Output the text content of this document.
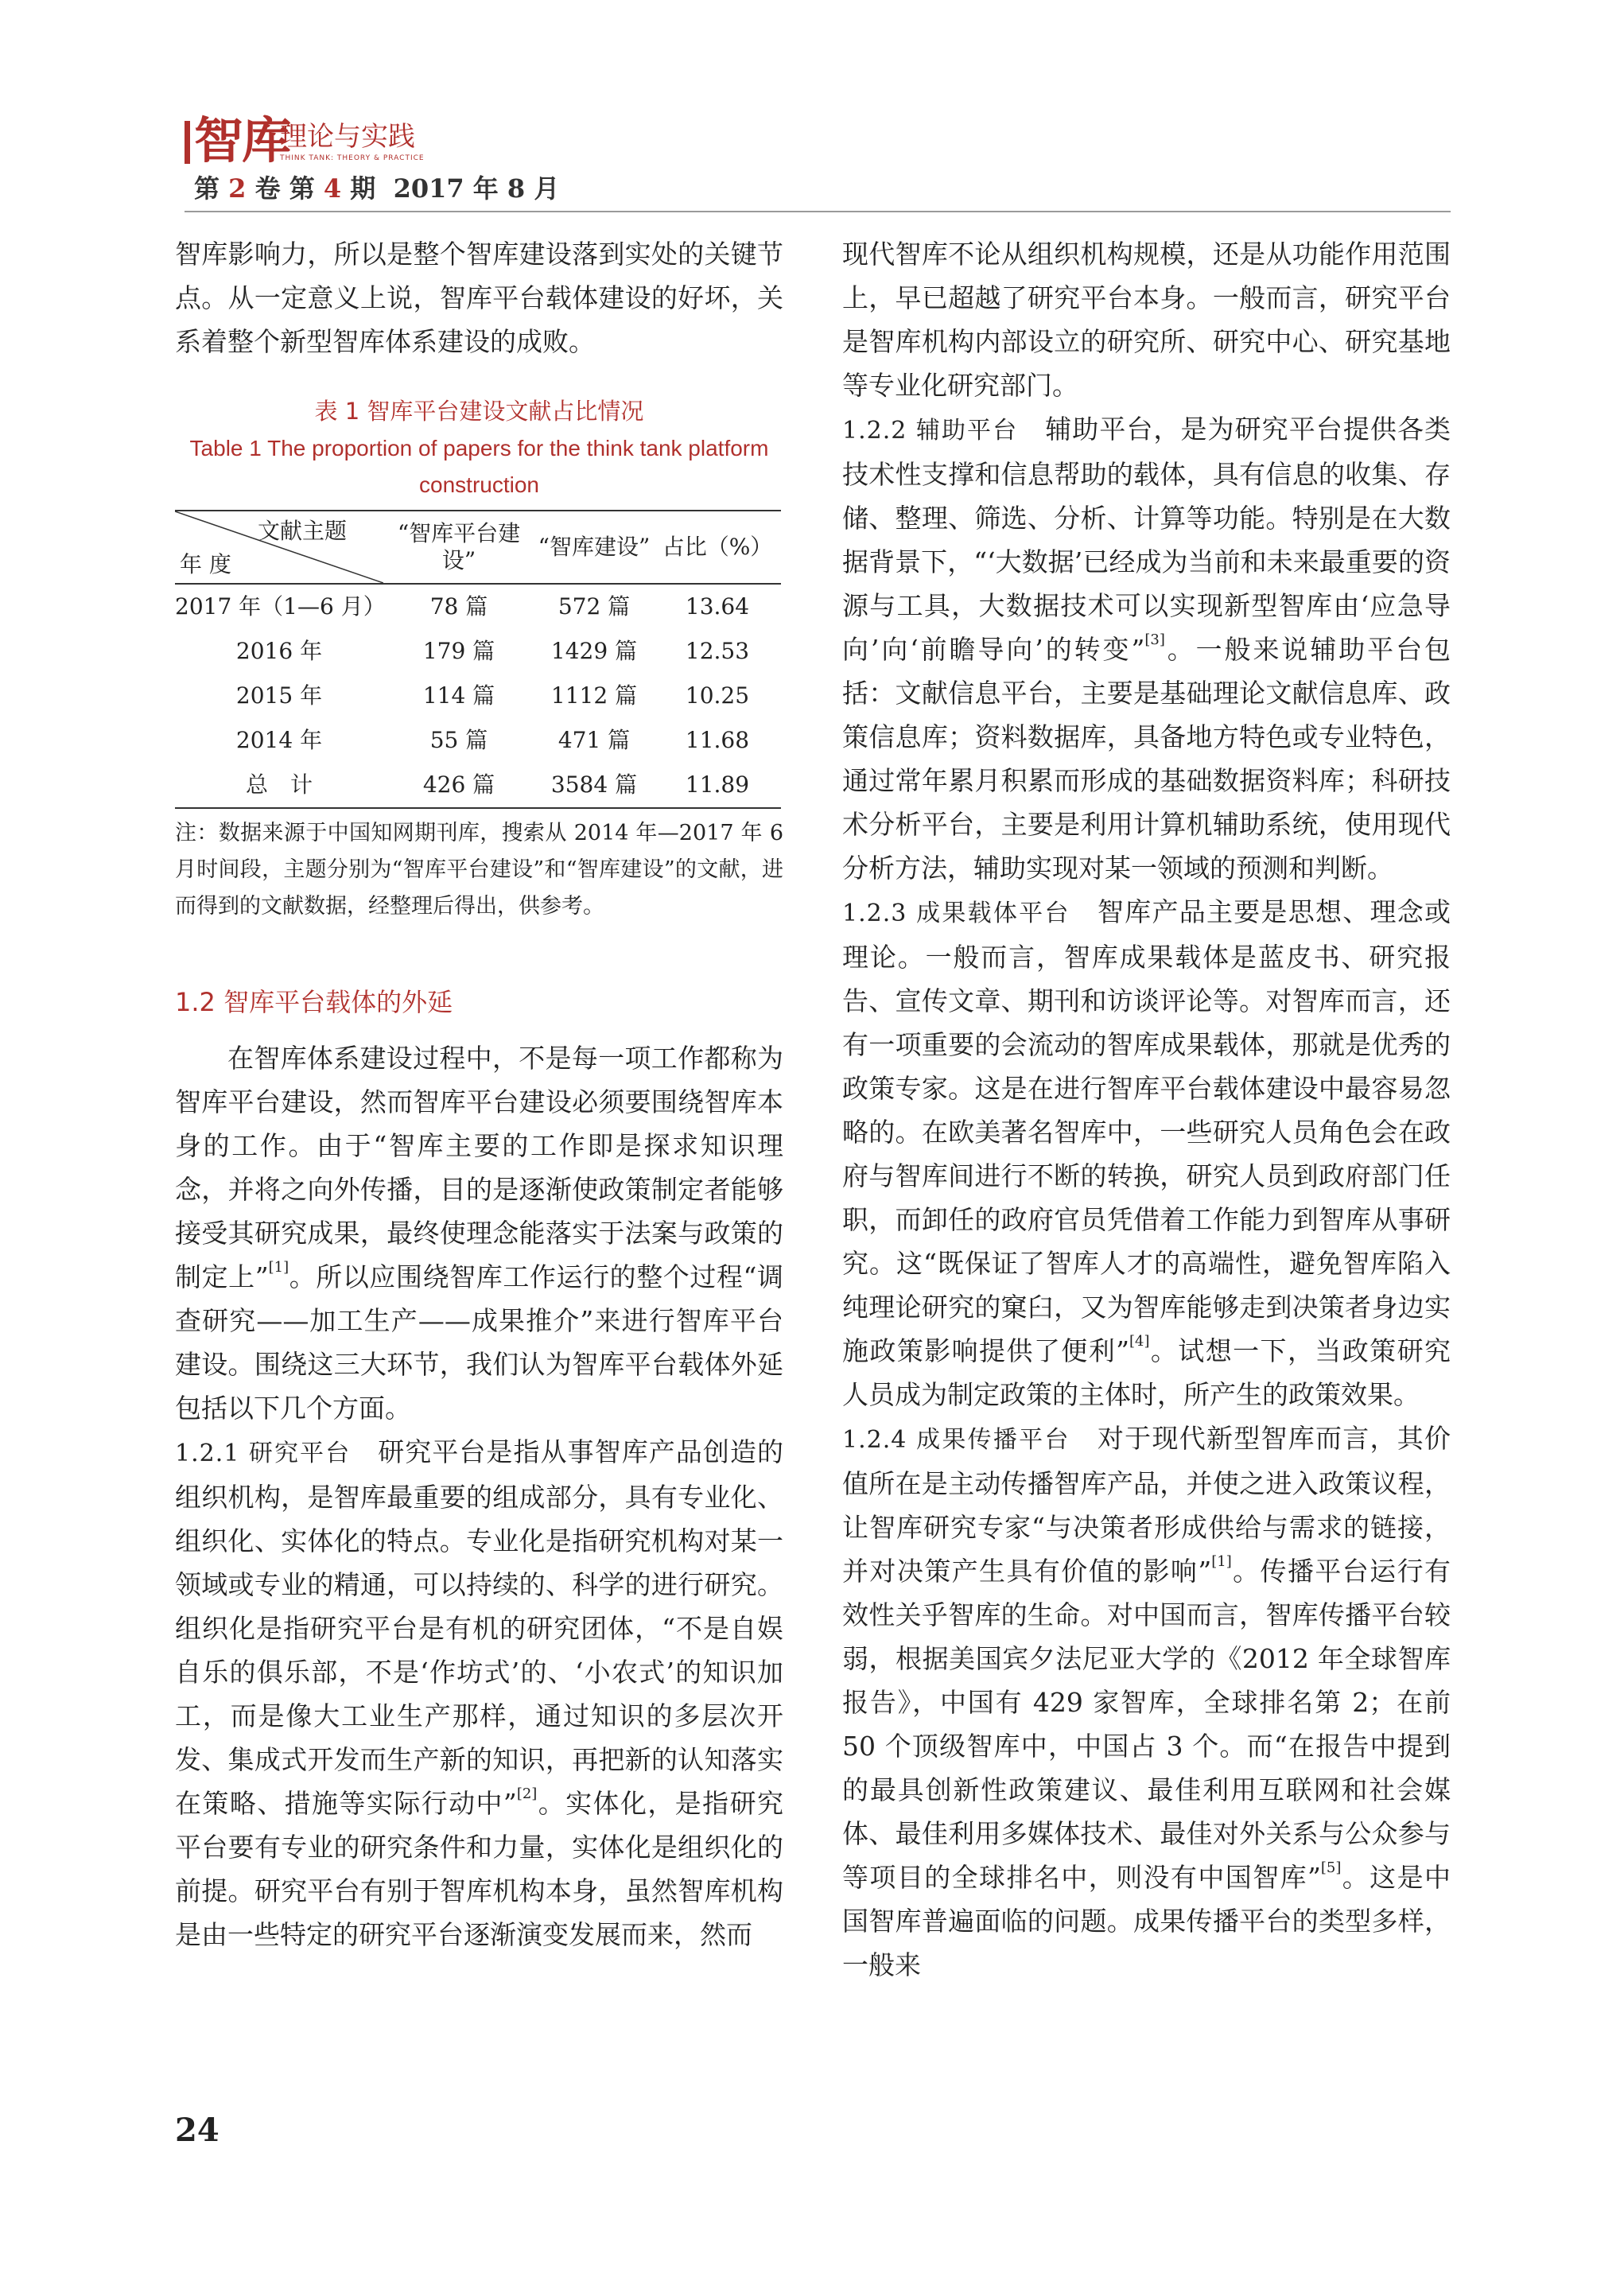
智库
理论与实践
THINK TANK: THEORY & PRACTICE
第 2 卷 第 4 期 2017 年 8 月

智库影响力，所以是整个智库建设落到实处的关键节点。从一定意义上说，智库平台载体建设的好坏，关系着整个新型智库体系建设的成败。

表 1 智库平台建设文献占比情况
Table 1 The proportion of papers for the think tank platform construction
文献主题
年 度	“智库平台建设”	“智库建设”	占比（%）
2017 年（1—6 月）	78 篇	572 篇	13.64
2016 年	179 篇	1429 篇	12.53
2015 年	114 篇	1112 篇	10.25
2014 年	55 篇	471 篇	11.68
总　计	426 篇	3584 篇	11.89
注：数据来源于中国知网期刊库，搜索从 2014 年—2017 年 6 月时间段，主题分别为“智库平台建设”和“智库建设”的文献，进而得到的文献数据，经整理后得出，供参考。
1.2 智库平台载体的外延

在智库体系建设过程中，不是每一项工作都称为智库平台建设，然而智库平台建设必须要围绕智库本身的工作。由于“智库主要的工作即是探求知识理念，并将之向外传播，目的是逐渐使政策制定者能够接受其研究成果，最终使理念能落实于法案与政策的制定上”[1]。所以应围绕智库工作运行的整个过程“调查研究——加工生产——成果推介”来进行智库平台建设。围绕这三大环节，我们认为智库平台载体外延包括以下几个方面。

1.2.1 研究平台　研究平台是指从事智库产品创造的组织机构，是智库最重要的组成部分，具有专业化、组织化、实体化的特点。专业化是指研究机构对某一领域或专业的精通，可以持续的、科学的进行研究。组织化是指研究平台是有机的研究团体，“不是自娱自乐的俱乐部，不是‘作坊式’的、‘小农式’的知识加工，而是像大工业生产那样，通过知识的多层次开发、集成式开发而生产新的知识，再把新的认知落实在策略、措施等实际行动中”[2]。实体化，是指研究平台要有专业的研究条件和力量，实体化是组织化的前提。研究平台有别于智库机构本身，虽然智库机构是由一些特定的研究平台逐渐演变发展而来，然而

现代智库不论从组织机构规模，还是从功能作用范围上，早已超越了研究平台本身。一般而言，研究平台是智库机构内部设立的研究所、研究中心、研究基地等专业化研究部门。

1.2.2 辅助平台　辅助平台，是为研究平台提供各类技术性支撑和信息帮助的载体，具有信息的收集、存储、整理、筛选、分析、计算等功能。特别是在大数据背景下，“‘大数据’已经成为当前和未来最重要的资源与工具，大数据技术可以实现新型智库由‘应急导向’向‘前瞻导向’的转变”[3]。一般来说辅助平台包括：文献信息平台，主要是基础理论文献信息库、政策信息库；资料数据库，具备地方特色或专业特色，通过常年累月积累而形成的基础数据资料库；科研技术分析平台，主要是利用计算机辅助系统，使用现代分析方法，辅助实现对某一领域的预测和判断。

1.2.3 成果载体平台　智库产品主要是思想、理念或理论。一般而言，智库成果载体是蓝皮书、研究报告、宣传文章、期刊和访谈评论等。对智库而言，还有一项重要的会流动的智库成果载体，那就是优秀的政策专家。这是在进行智库平台载体建设中最容易忽略的。在欧美著名智库中，一些研究人员角色会在政府与智库间进行不断的转换，研究人员到政府部门任职，而卸任的政府官员凭借着工作能力到智库从事研究。这“既保证了智库人才的高端性，避免智库陷入纯理论研究的窠臼，又为智库能够走到决策者身边实施政策影响提供了便利”[4]。试想一下，当政策研究人员成为制定政策的主体时，所产生的政策效果。

1.2.4 成果传播平台　对于现代新型智库而言，其价值所在是主动传播智库产品，并使之进入政策议程，让智库研究专家“与决策者形成供给与需求的链接，并对决策产生具有价值的影响”[1]。传播平台运行有效性关乎智库的生命。对中国而言，智库传播平台较弱，根据美国宾夕法尼亚大学的《2012 年全球智库报告》，中国有 429 家智库，全球排名第 2；在前 50 个顶级智库中，中国占 3 个。而“在报告中提到的最具创新性政策建议、最佳利用互联网和社会媒体、最佳利用多媒体技术、最佳对外关系与公众参与等项目的全球排名中，则没有中国智库”[5]。这是中国智库普遍面临的问题。成果传播平台的类型多样，一般来

24
